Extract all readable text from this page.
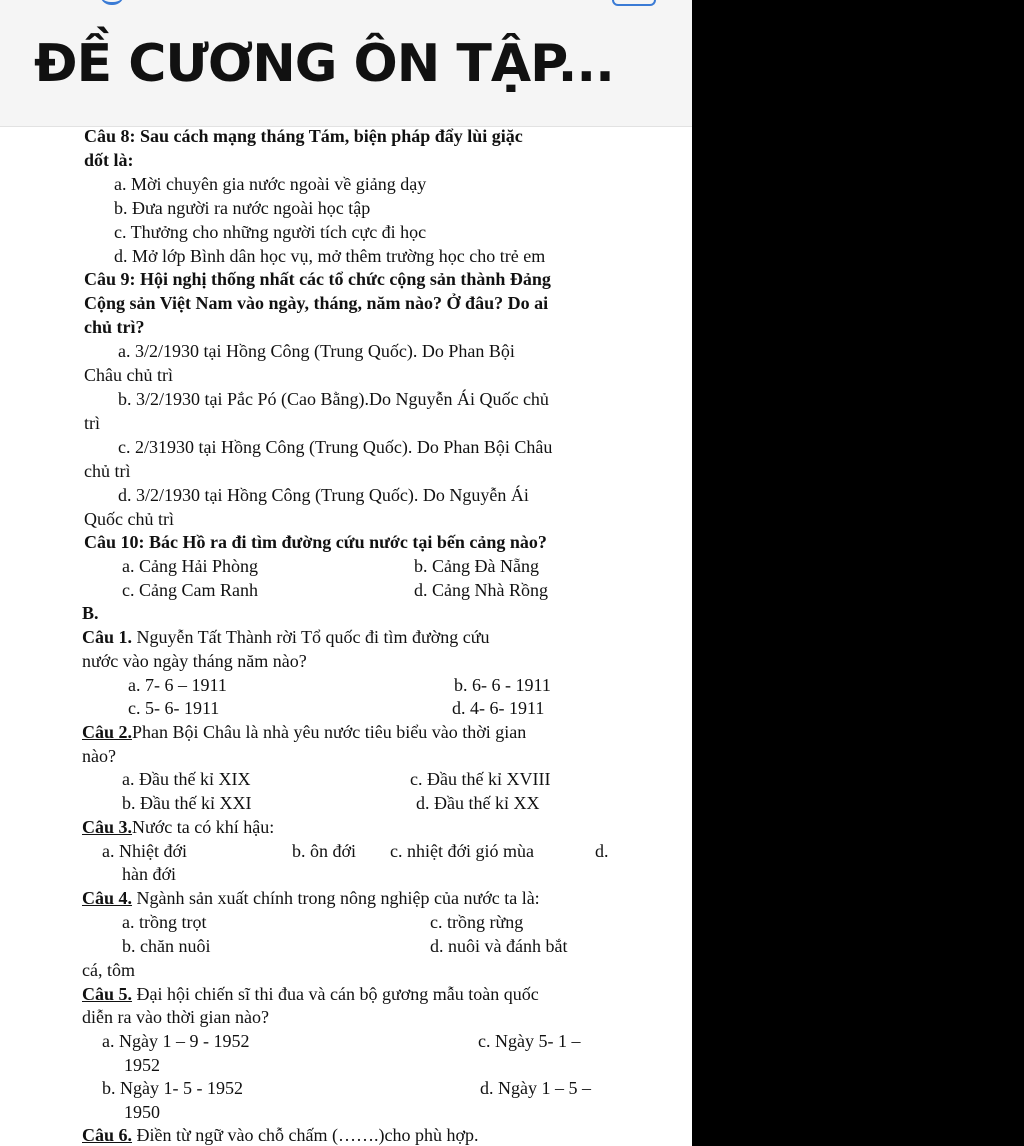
ĐỀ CƯƠNG ÔN TẬP...
Câu 8: Sau cách mạng tháng Tám, biện pháp đẩy lùi giặc
dốt là:
a. Mời chuyên gia nước ngoài về giảng dạy
b. Đưa người ra nước ngoài học tập
c. Thưởng cho những người tích cực đi học
d. Mở lớp Bình dân học vụ, mở thêm trường học cho trẻ em
Câu 9: Hội nghị thống nhất các tổ chức cộng sản thành Đảng
Cộng sản Việt Nam vào ngày, tháng, năm nào? Ở đâu? Do ai
chủ trì?
a. 3/2/1930 tại Hồng Công (Trung Quốc). Do Phan Bội
Châu chủ trì
b. 3/2/1930 tại Pắc Pó (Cao Bằng).Do Nguyễn Ái Quốc chủ
trì
c. 2/31930 tại Hồng Công (Trung Quốc). Do Phan Bội Châu
chủ trì
d. 3/2/1930 tại Hồng Công (Trung Quốc). Do Nguyễn Ái
Quốc chủ trì
Câu 10: Bác Hồ ra đi tìm đường cứu nước tại bến cảng nào?
a. Cảng Hải Phòng	b. Cảng Đà Nẵng
c. Cảng Cam Ranh	d. Cảng Nhà Rồng
B.
Câu 1. Nguyễn Tất Thành rời Tổ quốc đi tìm đường cứu
nước vào ngày tháng năm nào?
a. 7- 6 – 1911	b. 6- 6 - 1911
c. 5- 6- 1911	d. 4- 6- 1911
Câu 2.Phan Bội Châu là nhà yêu nước tiêu biểu vào thời gian
nào?
a. Đầu thế kỉ XIX	c. Đầu thế kỉ XVIII
b. Đầu thế kỉ XXI	d. Đầu thế kỉ XX
Câu 3.Nước ta có khí hậu:
a. Nhiệt đới	b. ôn đới c. nhiệt đới gió mùa	d.
hàn đới
Câu 4. Ngành sản xuất chính trong nông nghiệp của nước ta là:
a. trồng trọt	c. trồng rừng
b. chăn nuôi	d. nuôi và đánh bắt
cá, tôm
Câu 5. Đại hội chiến sĩ thi đua và cán bộ gương mẫu toàn quốc
diễn ra vào thời gian nào?
a. Ngày 1 – 9 - 1952	c. Ngày 5- 1 –
1952
b. Ngày 1- 5 - 1952	d. Ngày 1 – 5 –
1950
Câu 6. Điền từ ngữ vào chỗ chấm (…….)cho phù hợp.
